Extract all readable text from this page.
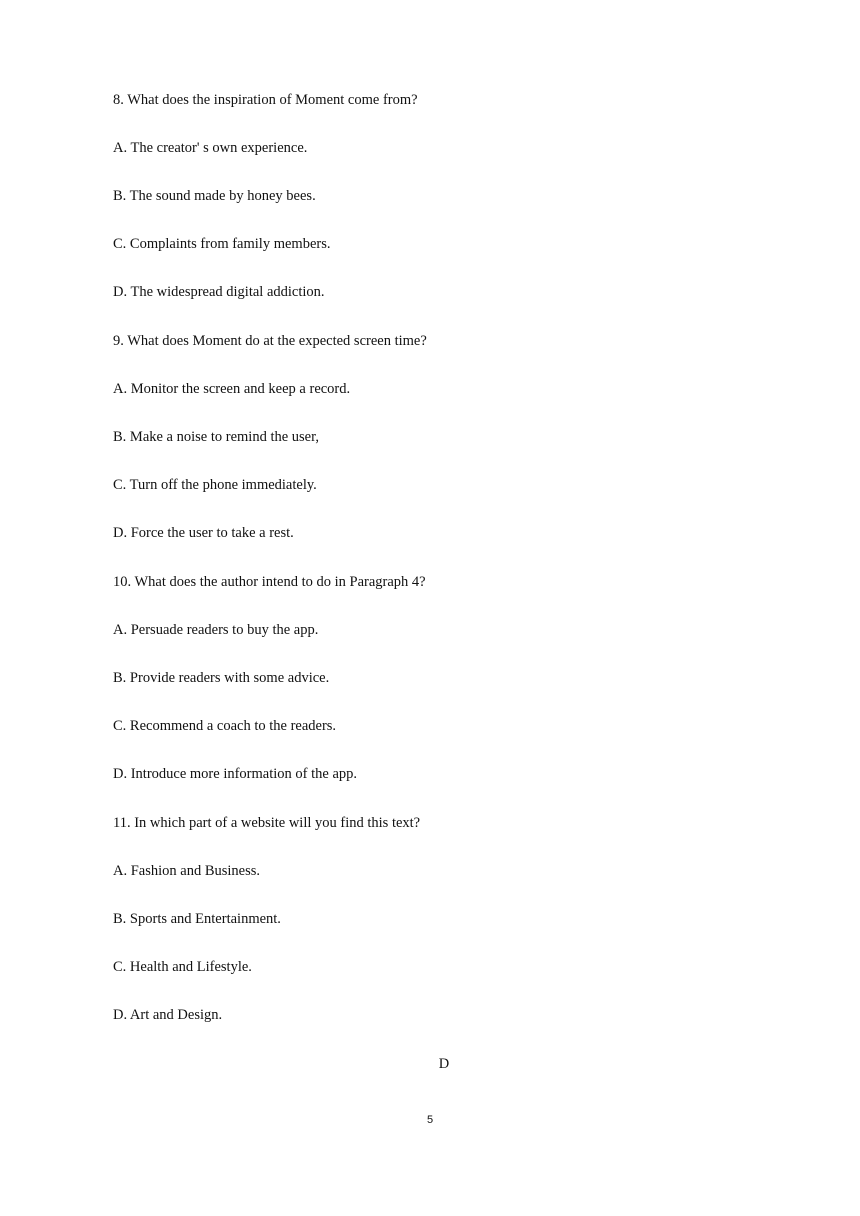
8. What does the inspiration of Moment come from?
A. The creator' s own experience.
B. The sound made by honey bees.
C. Complaints from family members.
D. The widespread digital addiction.
9. What does Moment do at the expected screen time?
A. Monitor the screen and keep a record.
B. Make a noise to remind the user,
C. Turn off the phone immediately.
D. Force the user to take a rest.
10. What does the author intend to do in Paragraph 4?
A. Persuade readers to buy the app.
B. Provide readers with some advice.
C. Recommend a coach to the readers.
D. Introduce more information of the app.
11. In which part of a website will you find this text?
A. Fashion and Business.
B. Sports and Entertainment.
C. Health and Lifestyle.
D. Art and Design.
D
5
